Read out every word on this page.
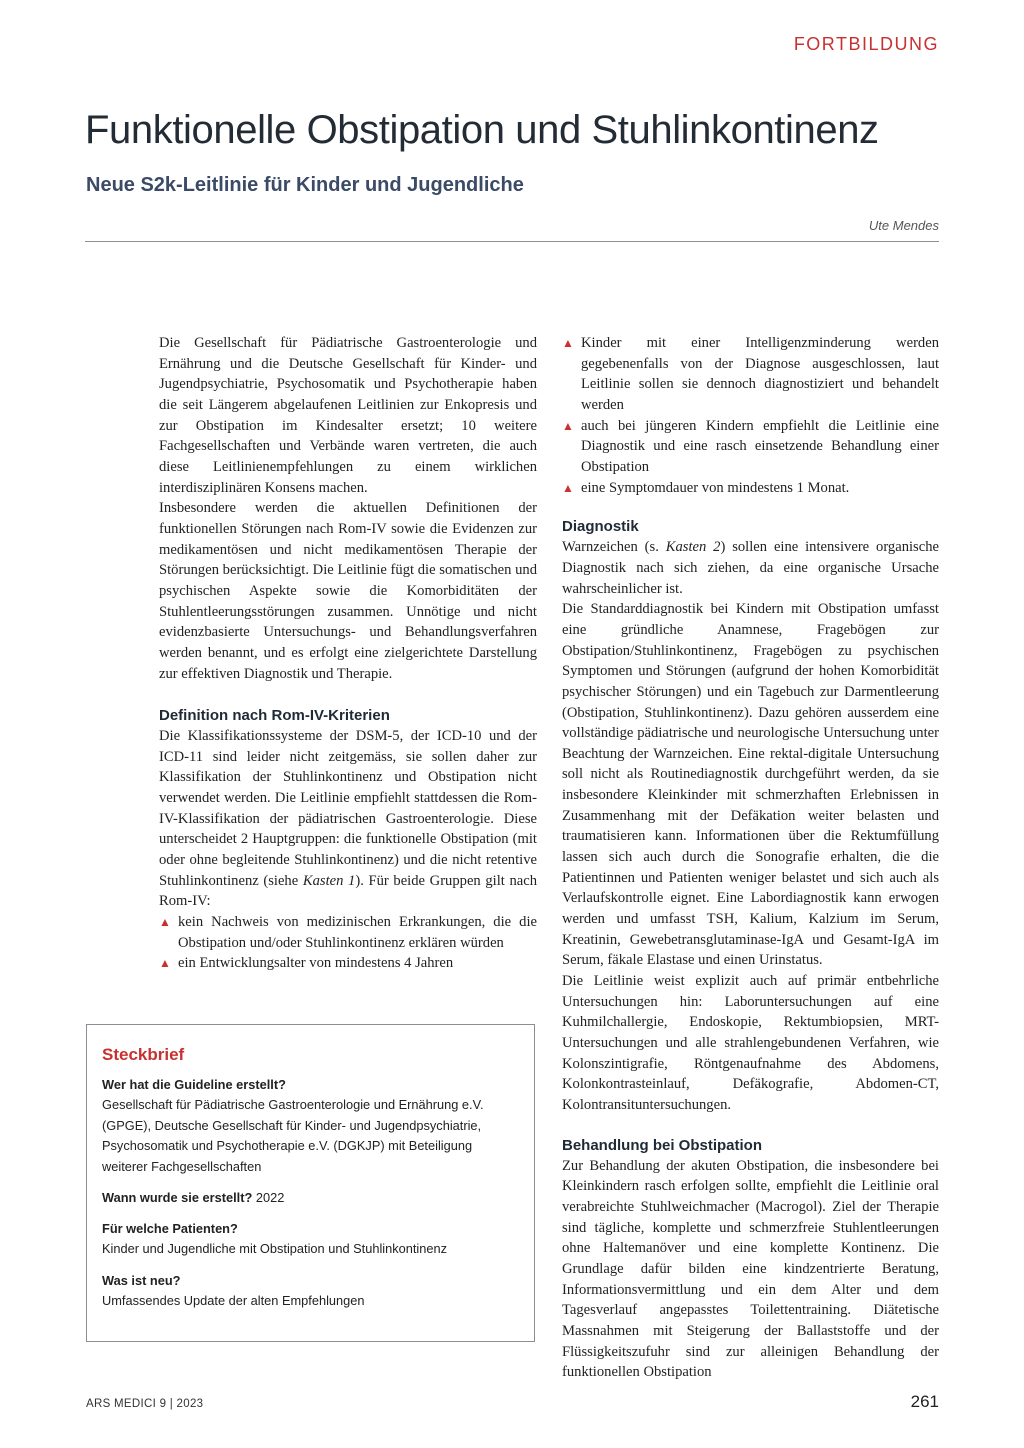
FORTBILDUNG
Funktionelle Obstipation und Stuhlinkontinenz
Neue S2k-Leitlinie für Kinder und Jugendliche
Ute Mendes

Die Gesellschaft für Pädiatrische Gastroenterologie und Ernährung und die Deutsche Gesellschaft für Kinder- und Jugendpsychiatrie, Psychosomatik und Psychotherapie haben die seit Längerem abgelaufenen Leitlinien zur Enkopresis und zur Obstipation im Kindesalter ersetzt; 10 weitere Fachgesellschaften und Verbände waren vertreten, die auch diese Leitlinienempfehlungen zu einem wirklichen interdisziplinären Konsens machen.

Insbesondere werden die aktuellen Definitionen der funktionellen Störungen nach Rom-IV sowie die Evidenzen zur medikamentösen und nicht medikamentösen Therapie der Störungen berücksichtigt. Die Leitlinie fügt die somatischen und psychischen Aspekte sowie die Komorbiditäten der Stuhlentleerungsstörungen zusammen. Unnötige und nicht evidenzbasierte Untersuchungs- und Behandlungsverfahren werden benannt, und es erfolgt eine zielgerichtete Darstellung zur effektiven Diagnostik und Therapie.

Definition nach Rom-IV-Kriterien

Die Klassifikationssysteme der DSM-5, der ICD-10 und der ICD-11 sind leider nicht zeitgemäss, sie sollen daher zur Klassifikation der Stuhlinkontinenz und Obstipation nicht verwendet werden. Die Leitlinie empfiehlt stattdessen die Rom-IV-Klassifikation der pädiatrischen Gastroenterologie. Diese unterscheidet 2 Hauptgruppen: die funktionelle Obstipation (mit oder ohne begleitende Stuhlinkontinenz) und die nicht retentive Stuhlinkontinenz (siehe Kasten 1). Für beide Gruppen gilt nach Rom-IV:

▲ kein Nachweis von medizinischen Erkrankungen, die die Obstipation und/oder Stuhlinkontinenz erklären würden
▲ ein Entwicklungsalter von mindestens 4 Jahren
Steckbrief

Wer hat die Guideline erstellt?

Gesellschaft für Pädiatrische Gastroenterologie und Ernährung e.V. (GPGE), Deutsche Gesellschaft für Kinder- und Jugendpsychiatrie, Psychosomatik und Psychotherapie e.V. (DGKJP) mit Beteiligung weiterer Fachgesellschaften

Wann wurde sie erstellt? 2022

Für welche Patienten?

Kinder und Jugendliche mit Obstipation und Stuhlinkontinenz

Was ist neu?

Umfassendes Update der alten Empfehlungen

▲ Kinder mit einer Intelligenzminderung werden gegebenenfalls von der Diagnose ausgeschlossen, laut Leitlinie sollen sie dennoch diagnostiziert und behandelt werden
▲ auch bei jüngeren Kindern empfiehlt die Leitlinie eine Diagnostik und eine rasch einsetzende Behandlung einer Obstipation
▲ eine Symptomdauer von mindestens 1 Monat.
Diagnostik

Warnzeichen (s. Kasten 2) sollen eine intensivere organische Diagnostik nach sich ziehen, da eine organische Ursache wahrscheinlicher ist.

Die Standarddiagnostik bei Kindern mit Obstipation umfasst eine gründliche Anamnese, Fragebögen zur Obstipation/Stuhlinkontinenz, Fragebögen zu psychischen Symptomen und Störungen (aufgrund der hohen Komorbidität psychischer Störungen) und ein Tagebuch zur Darmentleerung (Obstipation, Stuhlinkontinenz). Dazu gehören ausserdem eine vollständige pädiatrische und neurologische Untersuchung unter Beachtung der Warnzeichen. Eine rektal-digitale Untersuchung soll nicht als Routinediagnostik durchgeführt werden, da sie insbesondere Kleinkinder mit schmerzhaften Erlebnissen in Zusammenhang mit der Defäkation weiter belasten und traumatisieren kann. Informationen über die Rektumfüllung lassen sich auch durch die Sonografie erhalten, die die Patientinnen und Patienten weniger belastet und sich auch als Verlaufskontrolle eignet. Eine Labordiagnostik kann erwogen werden und umfasst TSH, Kalium, Kalzium im Serum, Kreatinin, Gewebetransglutaminase-IgA und Gesamt-IgA im Serum, fäkale Elastase und einen Urinstatus.

Die Leitlinie weist explizit auch auf primär entbehrliche Untersuchungen hin: Laboruntersuchungen auf eine Kuhmilchallergie, Endoskopie, Rektumbiopsien, MRT-Untersuchungen und alle strahlengebundenen Verfahren, wie Kolonszintigrafie, Röntgenaufnahme des Abdomens, Kolonkontrasteinlauf, Defäkografie, Abdomen-CT, Kolontransituntersuchungen.

Behandlung bei Obstipation

Zur Behandlung der akuten Obstipation, die insbesondere bei Kleinkindern rasch erfolgen sollte, empfiehlt die Leitlinie oral verabreichte Stuhlweichmacher (Macrogol). Ziel der Therapie sind tägliche, komplette und schmerzfreie Stuhlentleerungen ohne Haltemanöver und eine komplette Kontinenz. Die Grundlage dafür bilden eine kindzentrierte Beratung, Informationsvermittlung und ein dem Alter und dem Tagesverlauf angepasstes Toilettentraining. Diätetische Massnahmen mit Steigerung der Ballaststoffe und der Flüssigkeitszufuhr sind zur alleinigen Behandlung der funktionellen Obstipation

ARS MEDICI 9 | 2023	261
